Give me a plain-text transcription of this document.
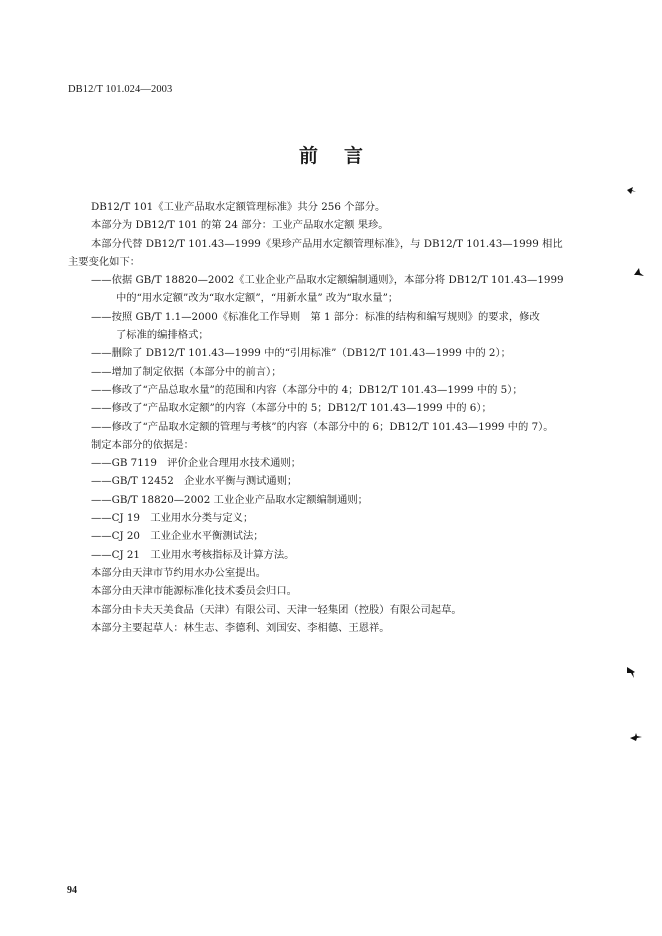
DB12/T 101.024—2003
前言
DB12/T 101《工业产品取水定额管理标准》共分 256 个部分。
本部分为 DB12/T 101 的第 24 部分：工业产品取水定额 果珍。
本部分代替 DB12/T 101.43—1999《果珍产品用水定额管理标准》，与 DB12/T 101.43—1999 相比
主要变化如下：
——依据 GB/T 18820—2002《工业企业产品取水定额编制通则》，本部分将 DB12/T 101.43—1999
中的“用水定额”改为“取水定额”，“用新水量” 改为“取水量”；
——按照 GB/T 1.1—2000《标准化工作导则　第 1 部分：标准的结构和编写规则》的要求，修改
了标准的编排格式；
——删除了 DB12/T 101.43—1999 中的“引用标准”（DB12/T 101.43—1999 中的 2）；
——增加了制定依据（本部分中的前言）；
——修改了“产品总取水量”的范围和内容（本部分中的 4；DB12/T 101.43—1999 中的 5）；
——修改了“产品取水定额”的内容（本部分中的 5；DB12/T 101.43—1999 中的 6）；
——修改了“产品取水定额的管理与考核”的内容（本部分中的 6；DB12/T 101.43—1999 中的 7）。
制定本部分的依据是：
——GB 7119　评价企业合理用水技术通则；
——GB/T 12452　企业水平衡与测试通则；
——GB/T 18820—2002 工业企业产品取水定额编制通则；
——CJ 19　工业用水分类与定义；
——CJ 20　工业企业水平衡测试法；
——CJ 21　工业用水考核指标及计算方法。
本部分由天津市节约用水办公室提出。
本部分由天津市能源标准化技术委员会归口。
本部分由卡夫天美食品（天津）有限公司、天津一轻集团（控股）有限公司起草。
本部分主要起草人：林生志、李德利、刘国安、李相德、王恩祥。
94
